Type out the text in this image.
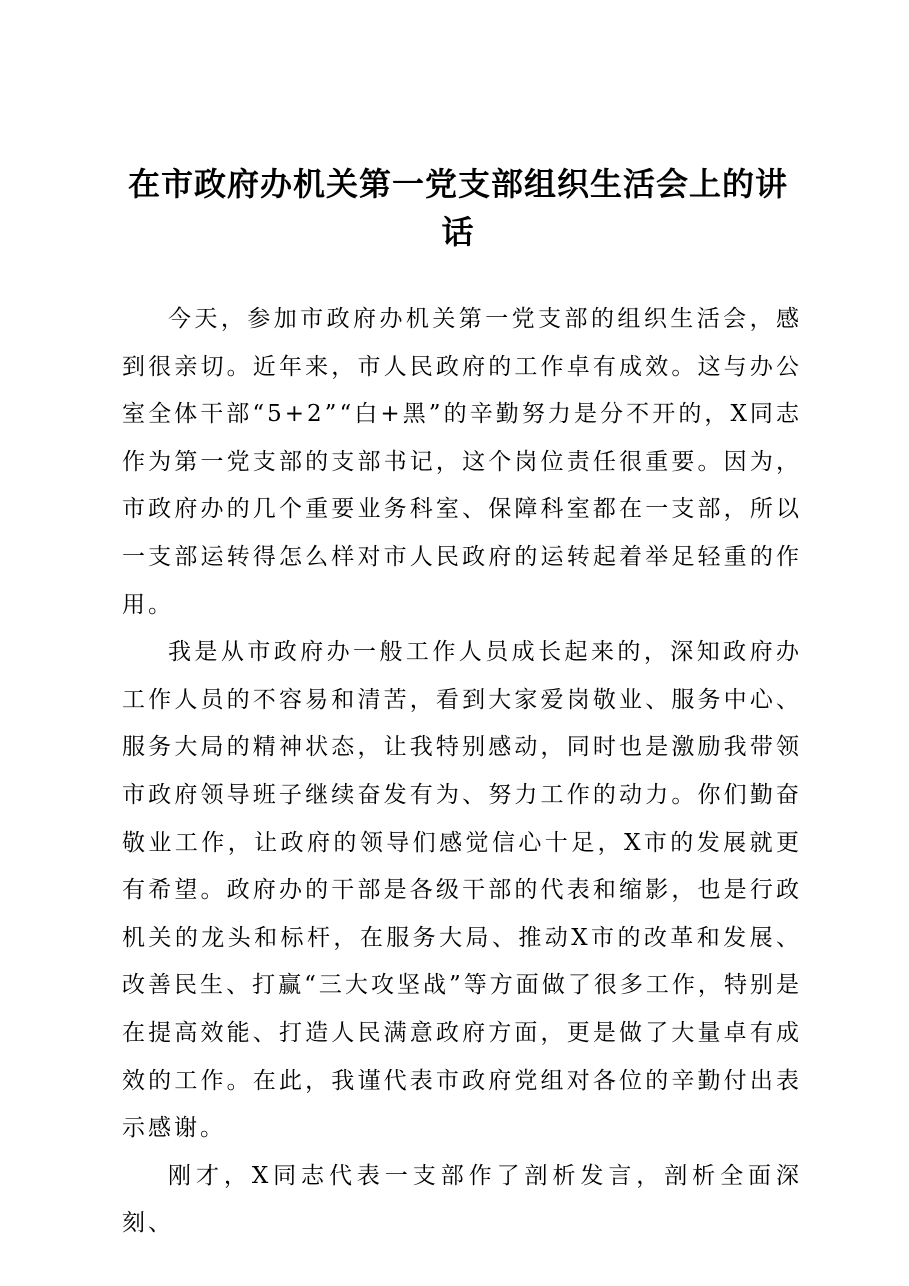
在市政府办机关第一党支部组织生活会上的讲话

今天，参加市政府办机关第一党支部的组织生活会，感到很亲切。近年来，市人民政府的工作卓有成效。这与办公室全体干部“5+2”“白+黑”的辛勤努力是分不开的，X同志作为第一党支部的支部书记，这个岗位责任很重要。因为，市政府办的几个重要业务科室、保障科室都在一支部，所以一支部运转得怎么样对市人民政府的运转起着举足轻重的作用。

我是从市政府办一般工作人员成长起来的，深知政府办工作人员的不容易和清苦，看到大家爱岗敬业、服务中心、服务大局的精神状态，让我特别感动，同时也是激励我带领市政府领导班子继续奋发有为、努力工作的动力。你们勤奋敬业工作，让政府的领导们感觉信心十足，X市的发展就更有希望。政府办的干部是各级干部的代表和缩影，也是行政机关的龙头和标杆，在服务大局、推动X市的改革和发展、改善民生、打赢“三大攻坚战”等方面做了很多工作，特别是在提高效能、打造人民满意政府方面，更是做了大量卓有成效的工作。在此，我谨代表市政府党组对各位的辛勤付出表示感谢。

刚才，X同志代表一支部作了剖析发言，剖析全面深刻、
